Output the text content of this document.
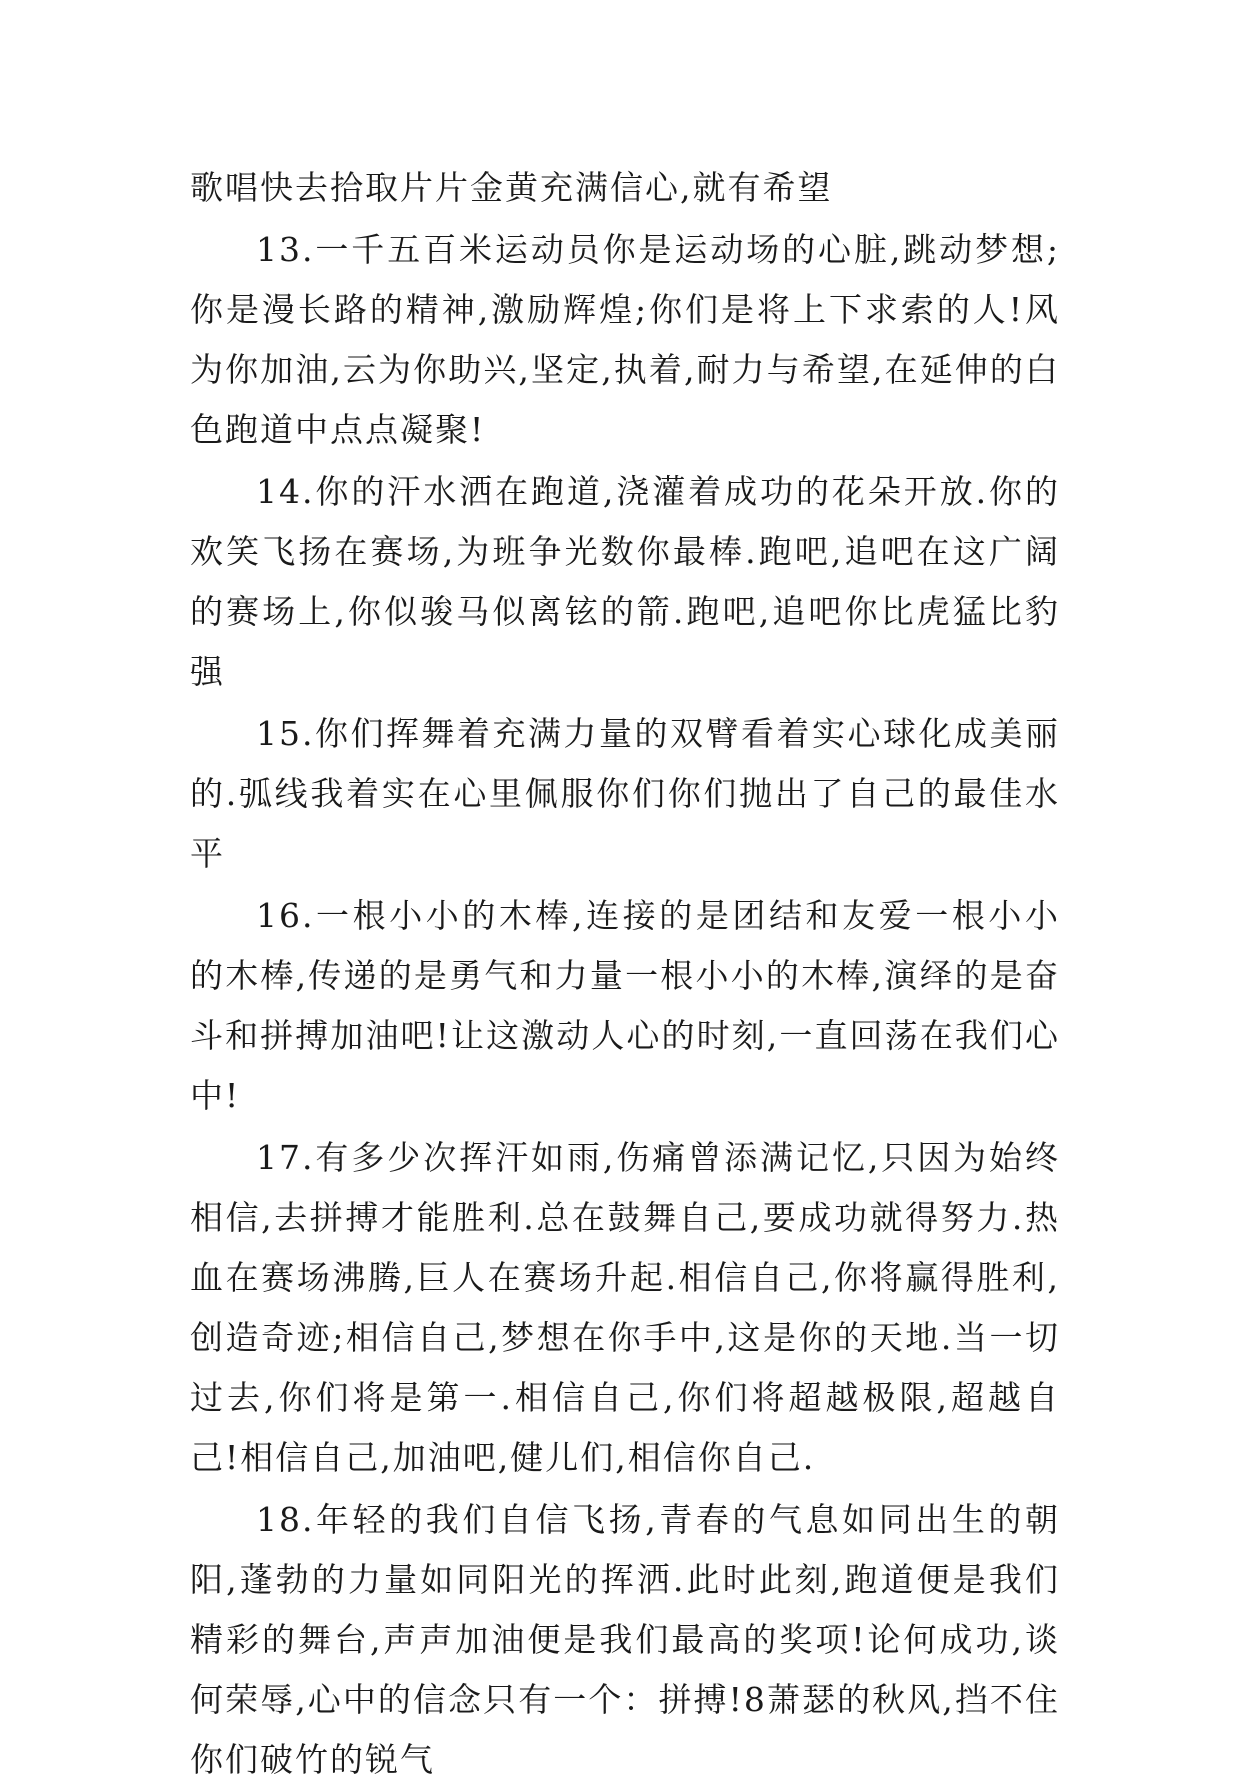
歌唱快去拾取片片金黄充满信心,就有希望

13.一千五百米运动员你是运动场的心脏,跳动梦想;你是漫长路的精神,激励辉煌;你们是将上下求索的人!风为你加油,云为你助兴,坚定,执着,耐力与希望,在延伸的白色跑道中点点凝聚!

14.你的汗水洒在跑道,浇灌着成功的花朵开放.你的欢笑飞扬在赛场,为班争光数你最棒.跑吧,追吧在这广阔的赛场上,你似骏马似离铉的箭.跑吧,追吧你比虎猛比豹强

15.你们挥舞着充满力量的双臂看着实心球化成美丽的.弧线我着实在心里佩服你们你们抛出了自己的最佳水平

16.一根小小的木棒,连接的是团结和友爱一根小小的木棒,传递的是勇气和力量一根小小的木棒,演绎的是奋斗和拼搏加油吧!让这激动人心的时刻,一直回荡在我们心中!

17.有多少次挥汗如雨,伤痛曾添满记忆,只因为始终相信,去拼搏才能胜利.总在鼓舞自己,要成功就得努力.热血在赛场沸腾,巨人在赛场升起.相信自己,你将赢得胜利,创造奇迹;相信自己,梦想在你手中,这是你的天地.当一切过去,你们将是第一.相信自己,你们将超越极限,超越自己!相信自己,加油吧,健儿们,相信你自己.

18.年轻的我们自信飞扬,青春的气息如同出生的朝阳,蓬勃的力量如同阳光的挥洒.此时此刻,跑道便是我们精彩的舞台,声声加油便是我们最高的奖项!论何成功,谈何荣辱,心中的信念只有一个：拼搏!8萧瑟的秋风,挡不住你们破竹的锐气
